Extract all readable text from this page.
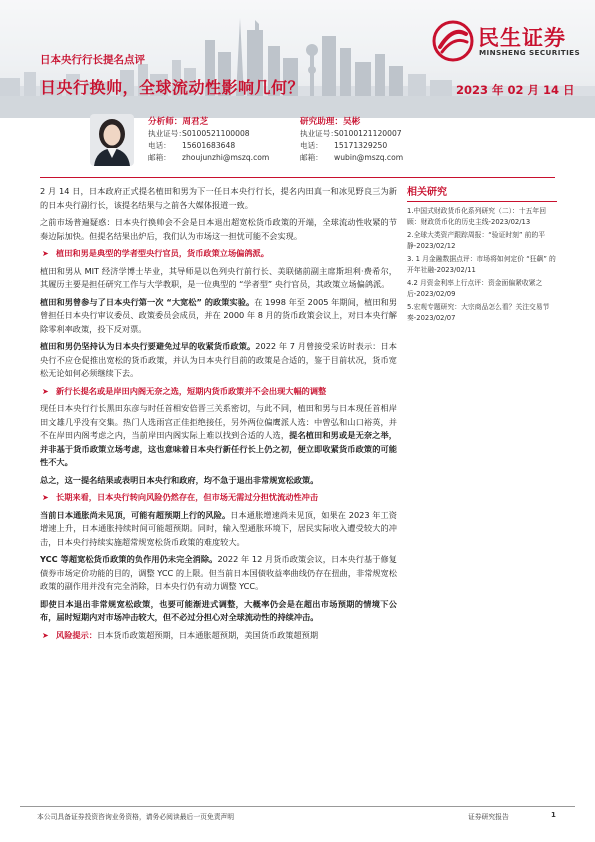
民生证券
MINSHENG SECURITIES
日本央行行长提名点评
日央行换帅，全球流动性影响几何？	2023 年 02 月 14 日
分析师：周君芝
执业证号：S0100521100008
电话： 15601683648
邮箱： zhoujunzhi@mszq.com
研究助理：吴彬
执业证号：S0100121120007
电话： 15171329250
邮箱： wubin@mszq.com

2 月 14 日，日本政府正式提名植田和男为下一任日本央行行长，提名内田真一和冰见野良三为新的日本央行副行长，该提名结果与之前各大媒体报道一致。

之前市场普遍疑惑：日本央行换帅会不会是日本退出超宽松货币政策的开端，全球流动性收紧的节奏边际加快。但提名结果出炉后，我们认为市场这一担忧可能不会实现。

➤ 植田和男是典型的学者型央行官员，货币政策立场偏鸽派。

植田和男从 MIT 经济学博士毕业，其导师是以色列央行前行长、美联储前副主席斯坦利·费希尔，其履历主要是担任研究工作与大学教职，是一位典型的 “学者型” 央行官员，其政策立场偏鸽派。

植田和男曾参与了日本央行第一次 “大宽松” 的政策实验。在 1998 年至 2005 年期间，植田和男曾担任日本央行审议委员、政策委员会成员，并在 2000 年 8 月的货币政策会议上，对日本央行解除零利率政策，投下反对票。

植田和男仍坚持认为日本央行要避免过早的收紧货币政策。2022 年 7 月曾接受采访时表示：日本央行不应仓促推出宽松的货币政策，并认为日本央行目前的政策是合适的，鉴于目前状况，货币宽松无论如何必须继续下去。

➤ 新行长提名或是岸田内阁无奈之选，短期内货币政策并不会出现大幅的调整

现任日本央行行长黑田东彦与时任首相安倍晋三关系密切，与此不同，植田和男与日本现任首相岸田文雄几乎没有交集。热门人选雨宫正佳拒绝接任，另外两位偏鹰派人选：中曾弘和山口裕英，并不在岸田内阁考虑之内，当前岸田内阁实际上难以找到合适的人选，提名植田和男或是无奈之举，并非基于货币政策立场考虑，这也意味着日本央行新任行长上仍之初，便立即收紧货币政策的可能性不大。

总之，这一提名结果或表明日本央行和政府，均不急于退出非常规宽松政策。

➤ 长期来看，日本央行转向风险仍然存在，但市场无需过分担忧流动性冲击

当前日本通胀尚未见顶，可能有超预期上行的风险。日本通胀增速尚未见顶，如果在 2023 年工资增速上升，日本通胀持续时间可能超预期。同时，输入型通胀环境下，居民实际收入遭受较大的冲击，日本央行持续实施超常规宽松货币政策的难度较大。

YCC 等超宽松货币政策的负作用仍未完全消除。2022 年 12 月货币政策会议，日本央行基于修复债券市场定价功能的目的，调整 YCC 的上限。但当前日本国债收益率曲线仍存在扭曲，非常规宽松政策的副作用并没有完全消除，日本央行仍有动力调整 YCC。

即使日本退出非常规宽松政策，也要可能渐进式调整，大概率仍会是在超出市场预期的情境下公布，届时短期内对市场冲击较大，但不必过分担心对全球流动性的持续冲击。

➤ 风险提示：日本货币政策超预期，日本通胀超预期，美国货币政策超预期
相关研究
1.中国式财政货币化系列研究（二）：十五年回顾：财政货币化的历史主线-2023/02/13
2.全球大类资产跟踪周报：“验证时刻” 前的平静-2023/02/12
3. 1 月金融数据点评：市场将如何定价 “狂飙” 的开年社融-2023/02/11
4.2 月资金利率上行点评：资金面偏紧收紧之后-2023/02/09
5.宏观专题研究：大宗商品怎么看？关注交易节奏-2023/02/07
本公司具备证券投资咨询业务资格，请务必阅读最后一页免责声明	证券研究报告	1
